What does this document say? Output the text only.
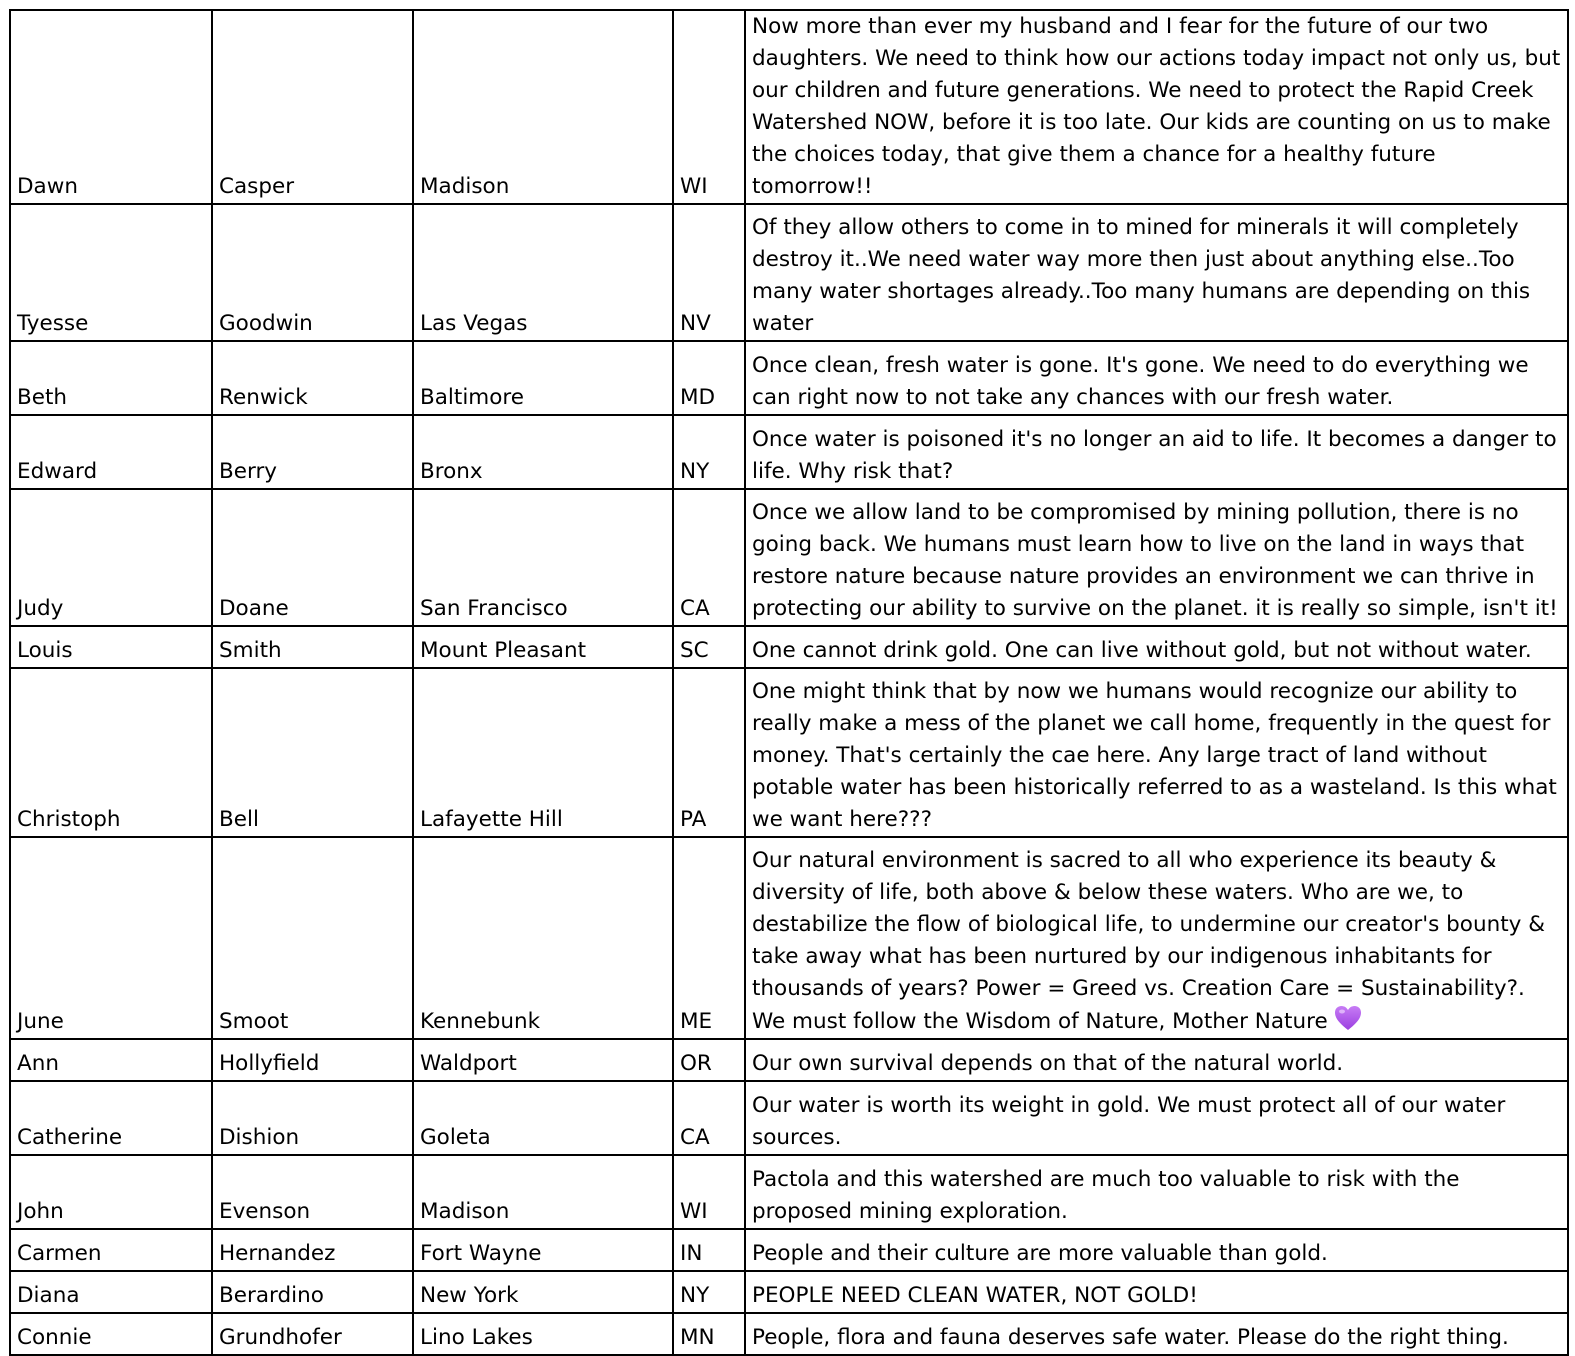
Dawn	Casper	Madison	WI	Now more than ever my husband and I fear for the future of our two daughters. We need to think how our actions today impact not only us, but our children and future generations. We need to protect the Rapid Creek Watershed NOW, before it is too late. Our kids are counting on us to make the choices today, that give them a chance for a healthy future tomorrow!!
Tyesse	Goodwin	Las Vegas	NV	Of they allow others to come in to mined for minerals it will completely destroy it..We need water way more then just about anything else..Too many water shortages already..Too many humans are depending on this water
Beth	Renwick	Baltimore	MD	Once clean, fresh water is gone. It's gone. We need to do everything we can right now to not take any chances with our fresh water.
Edward	Berry	Bronx	NY	Once water is poisoned it's no longer an aid to life. It becomes a danger to life. Why risk that?
Judy	Doane	San Francisco	CA	Once we allow land to be compromised by mining pollution, there is no going back. We humans must learn how to live on the land in ways that restore nature because nature provides an environment we can thrive in protecting our ability to survive on the planet. it is really so simple, isn't it!
Louis	Smith	Mount Pleasant	SC	One cannot drink gold. One can live without gold, but not without water.
Christoph	Bell	Lafayette Hill	PA	One might think that by now we humans would recognize our ability to really make a mess of the planet we call home, frequently in the quest for money. That's certainly the cae here. Any large tract of land without potable water has been historically referred to as a wasteland. Is this what we want here???
June	Smoot	Kennebunk	ME	Our natural environment is sacred to all who experience its beauty & diversity of life, both above & below these waters. Who are we, to destabilize the flow of biological life, to undermine our creator's bounty & take away what has been nurtured by our indigenous inhabitants for thousands of years? Power = Greed vs. Creation Care = Sustainability?. We must follow the Wisdom of Nature, Mother Nature
Ann	Hollyfield	Waldport	OR	Our own survival depends on that of the natural world.
Catherine	Dishion	Goleta	CA	Our water is worth its weight in gold. We must protect all of our water sources.
John	Evenson	Madison	WI	Pactola and this watershed are much too valuable to risk with the proposed mining exploration.
Carmen	Hernandez	Fort Wayne	IN	People and their culture are more valuable than gold.
Diana	Berardino	New York	NY	PEOPLE NEED CLEAN WATER, NOT GOLD!
Connie	Grundhofer	Lino Lakes	MN	People, flora and fauna deserves safe water. Please do the right thing.
